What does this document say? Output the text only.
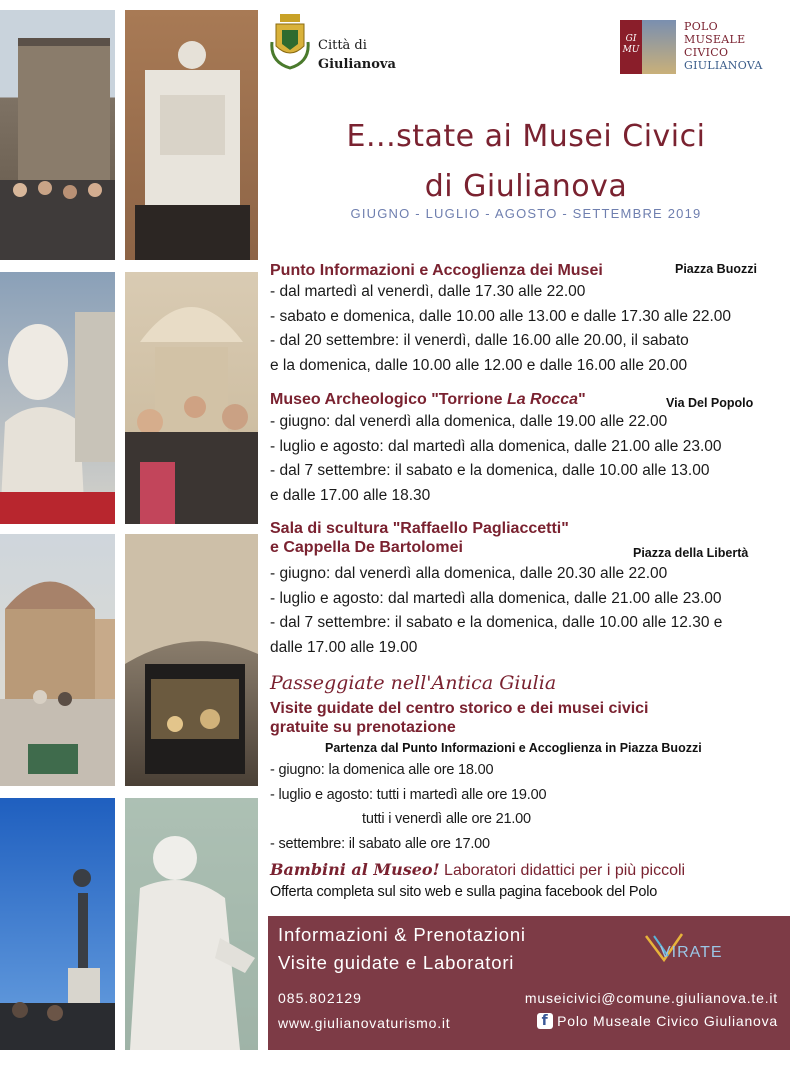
Città di
Giulianova
GI MU
POLO
MUSEALE
CIVICO
GIULIANOVA
E...state ai Musei Civici
di Giulianova
GIUGNO - LUGLIO - AGOSTO - SETTEMBRE 2019
Punto Informazioni e Accoglienza dei Musei	Piazza Buozzi
- dal martedì al venerdì, dalle 17.30 alle 22.00
- sabato e domenica, dalle 10.00 alle 13.00 e dalle 17.30 alle 22.00
- dal 20 settembre: il venerdì, dalle 16.00 alle 20.00, il sabato
e la domenica, dalle 10.00 alle 12.00 e dalle 16.00 alle 20.00
Museo Archeologico "Torrione La Rocca"	Via Del Popolo
- giugno: dal venerdì alla domenica, dalle 19.00 alle 22.00
- luglio e agosto: dal martedì alla domenica, dalle 21.00 alle 23.00
- dal 7 settembre: il sabato e la domenica, dalle 10.00 alle 13.00
e dalle 17.00 alle 18.30
Sala di scultura "Raffaello Pagliaccetti"
e Cappella De Bartolomei	Piazza della Libertà
- giugno: dal venerdì alla domenica, dalle 20.30 alle 22.00
- luglio e agosto: dal martedì alla domenica, dalle 21.00 alle 23.00
- dal 7 settembre: il sabato e la domenica, dalle 10.00 alle 12.30 e
dalle 17.00 alle 19.00
Passeggiate nell'Antica Giulia
Visite guidate del centro storico e dei musei civici
gratuite su prenotazione
Partenza dal Punto Informazioni e Accoglienza in Piazza Buozzi
- giugno: la domenica alle ore 18.00
- luglio e agosto: tutti i martedì alle ore 19.00
tutti i venerdì alle ore 21.00
- settembre: il sabato alle ore 17.00
Bambini al Museo! Laboratori didattici per i più piccoli
Offerta completa sul sito web e sulla pagina facebook del Polo
Informazioni & Prenotazioni
Visite guidate e Laboratori	VIRATE
085.802129	museicivici@comune.giulianova.te.it
www.giulianovaturismo.it	f Polo Museale Civico Giulianova
